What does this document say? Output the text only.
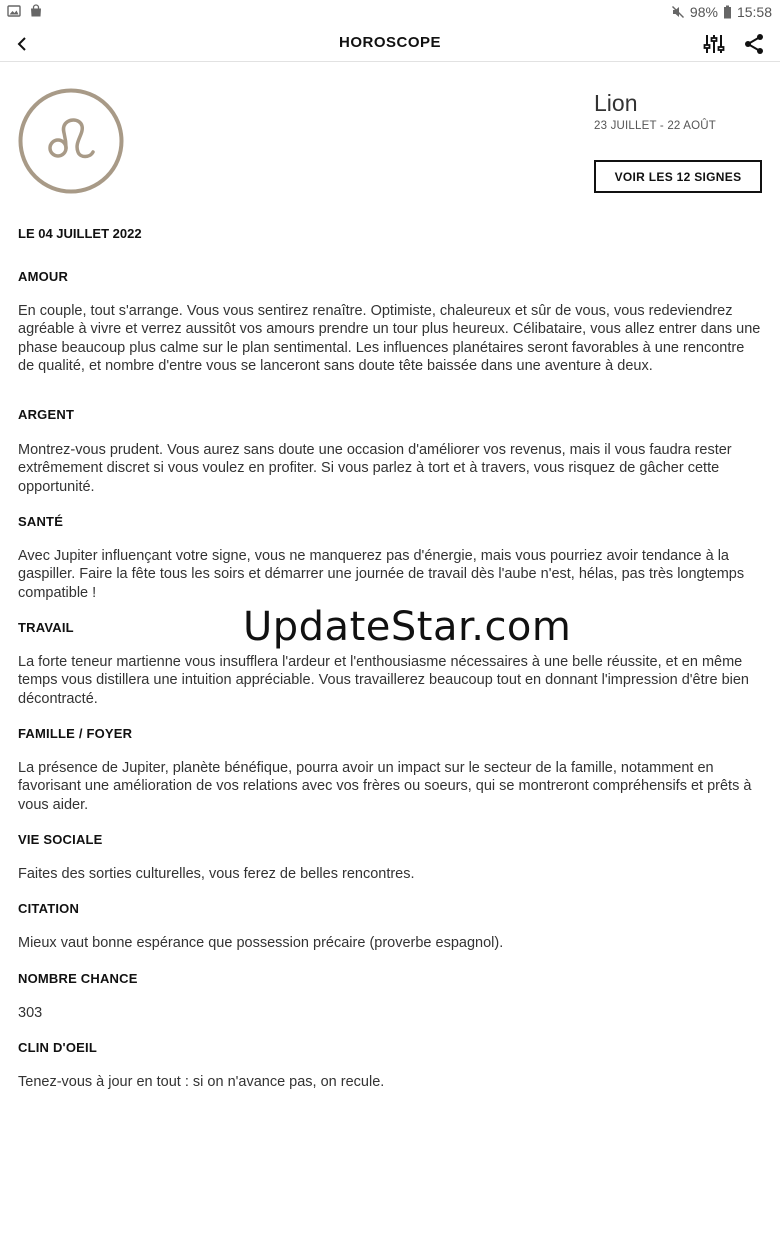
98% 15:58
HOROSCOPE
Lion
23 JUILLET - 22 AOÛT
VOIR LES 12 SIGNES
LE 04 JUILLET 2022
AMOUR
En couple, tout s'arrange. Vous vous sentirez renaître. Optimiste, chaleureux et sûr de vous, vous redeviendrez agréable à vivre et verrez aussitôt vos amours prendre un tour plus heureux. Célibataire, vous allez entrer dans une phase beaucoup plus calme sur le plan sentimental. Les influences planétaires seront favorables à une rencontre de qualité, et nombre d'entre vous se lanceront sans doute tête baissée dans une aventure à deux.
ARGENT
Montrez-vous prudent. Vous aurez sans doute une occasion d'améliorer vos revenus, mais il vous faudra rester extrêmement discret si vous voulez en profiter. Si vous parlez à tort et à travers, vous risquez de gâcher cette opportunité.
SANTÉ
Avec Jupiter influençant votre signe, vous ne manquerez pas d'énergie, mais vous pourriez avoir tendance à la gaspiller. Faire la fête tous les soirs et démarrer une journée de travail dès l'aube n'est, hélas, pas très longtemps compatible !
TRAVAIL
La forte teneur martienne vous insufflera l'ardeur et l'enthousiasme nécessaires à une belle réussite, et en même temps vous distillera une intuition appréciable. Vous travaillerez beaucoup tout en donnant l'impression d'être bien décontracté.
FAMILLE / FOYER
La présence de Jupiter, planète bénéfique, pourra avoir un impact sur le secteur de la famille, notamment en favorisant une amélioration de vos relations avec vos frères ou soeurs, qui se montreront compréhensifs et prêts à vous aider.
VIE SOCIALE
Faites des sorties culturelles, vous ferez de belles rencontres.
CITATION
Mieux vaut bonne espérance que possession précaire (proverbe espagnol).
NOMBRE CHANCE
303
CLIN D'OEIL
Tenez-vous à jour en tout : si on n'avance pas, on recule.
UpdateStar.com
